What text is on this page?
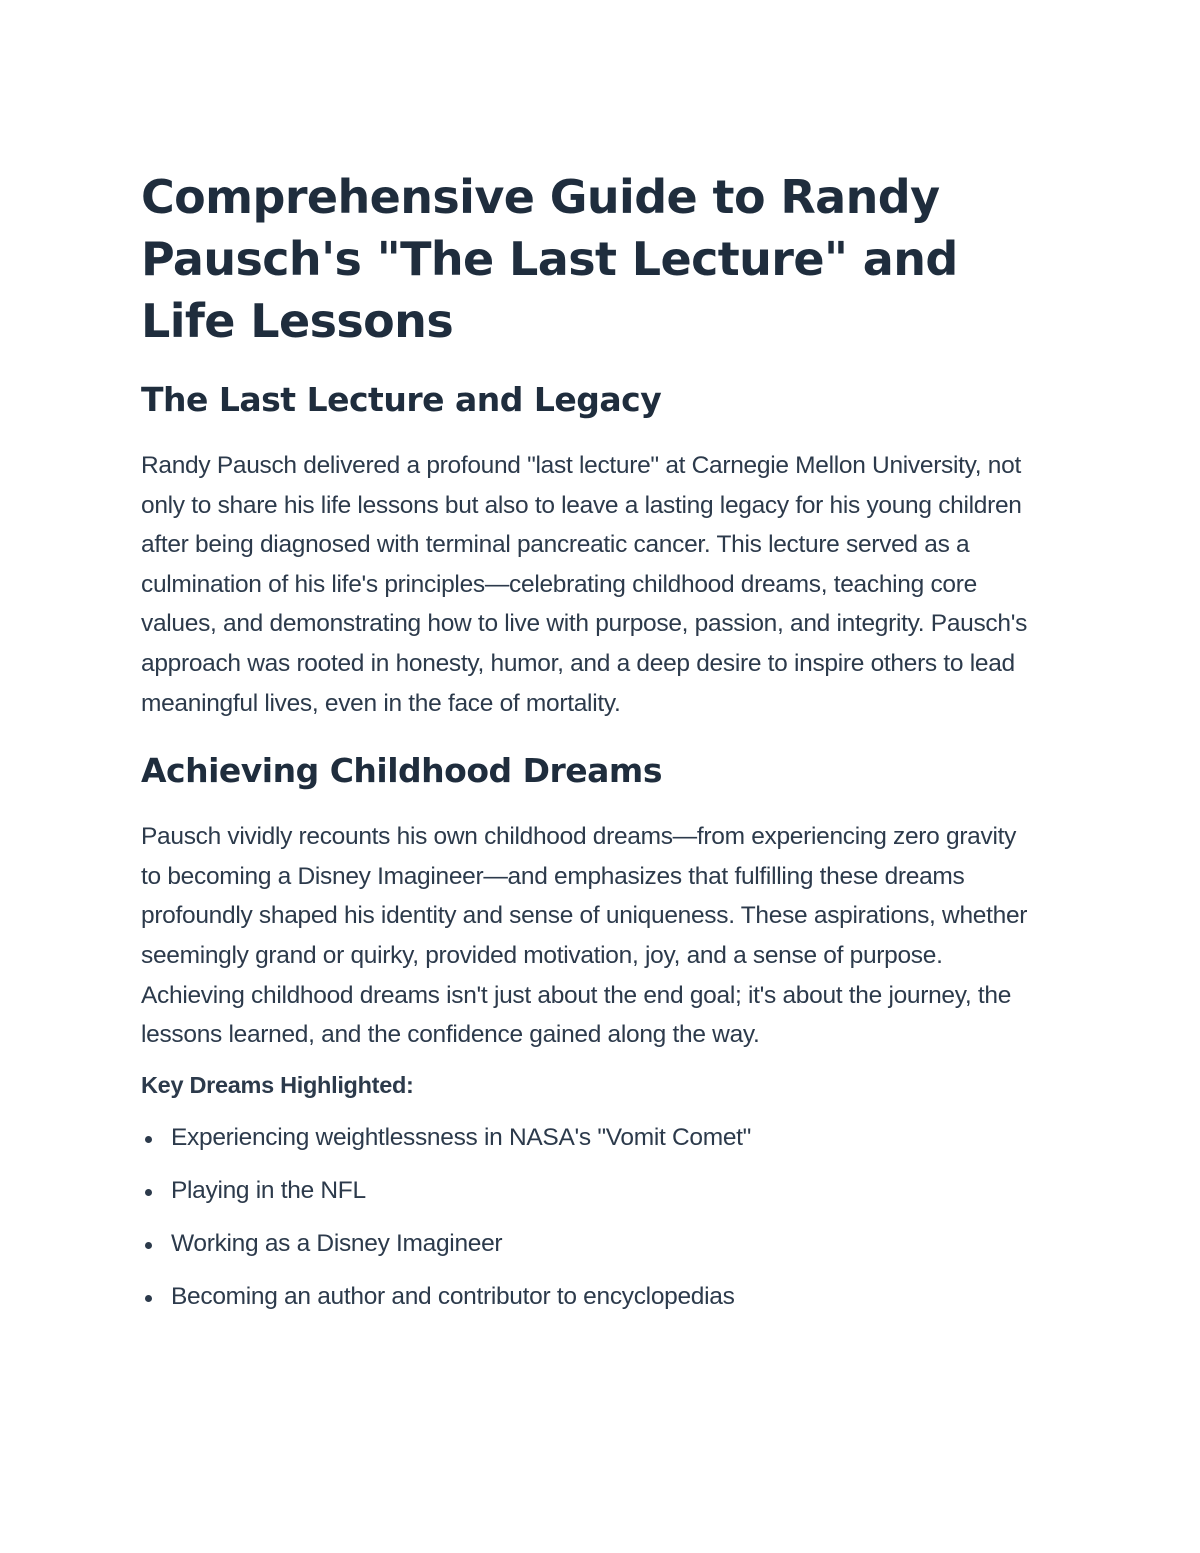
Comprehensive Guide to Randy Pausch's "The Last Lecture" and Life Lessons
The Last Lecture and Legacy

Randy Pausch delivered a profound "last lecture" at Carnegie Mellon University, not only to share his life lessons but also to leave a lasting legacy for his young children after being diagnosed with terminal pancreatic cancer. This lecture served as a culmination of his life's principles—celebrating childhood dreams, teaching core values, and demonstrating how to live with purpose, passion, and integrity. Pausch's approach was rooted in honesty, humor, and a deep desire to inspire others to lead meaningful lives, even in the face of mortality.

Achieving Childhood Dreams

Pausch vividly recounts his own childhood dreams—from experiencing zero gravity to becoming a Disney Imagineer—and emphasizes that fulfilling these dreams profoundly shaped his identity and sense of uniqueness. These aspirations, whether seemingly grand or quirky, provided motivation, joy, and a sense of purpose. Achieving childhood dreams isn't just about the end goal; it's about the journey, the lessons learned, and the confidence gained along the way.

Key Dreams Highlighted:
Experiencing weightlessness in NASA's "Vomit Comet"
Playing in the NFL
Working as a Disney Imagineer
Becoming an author and contributor to encyclopedias
